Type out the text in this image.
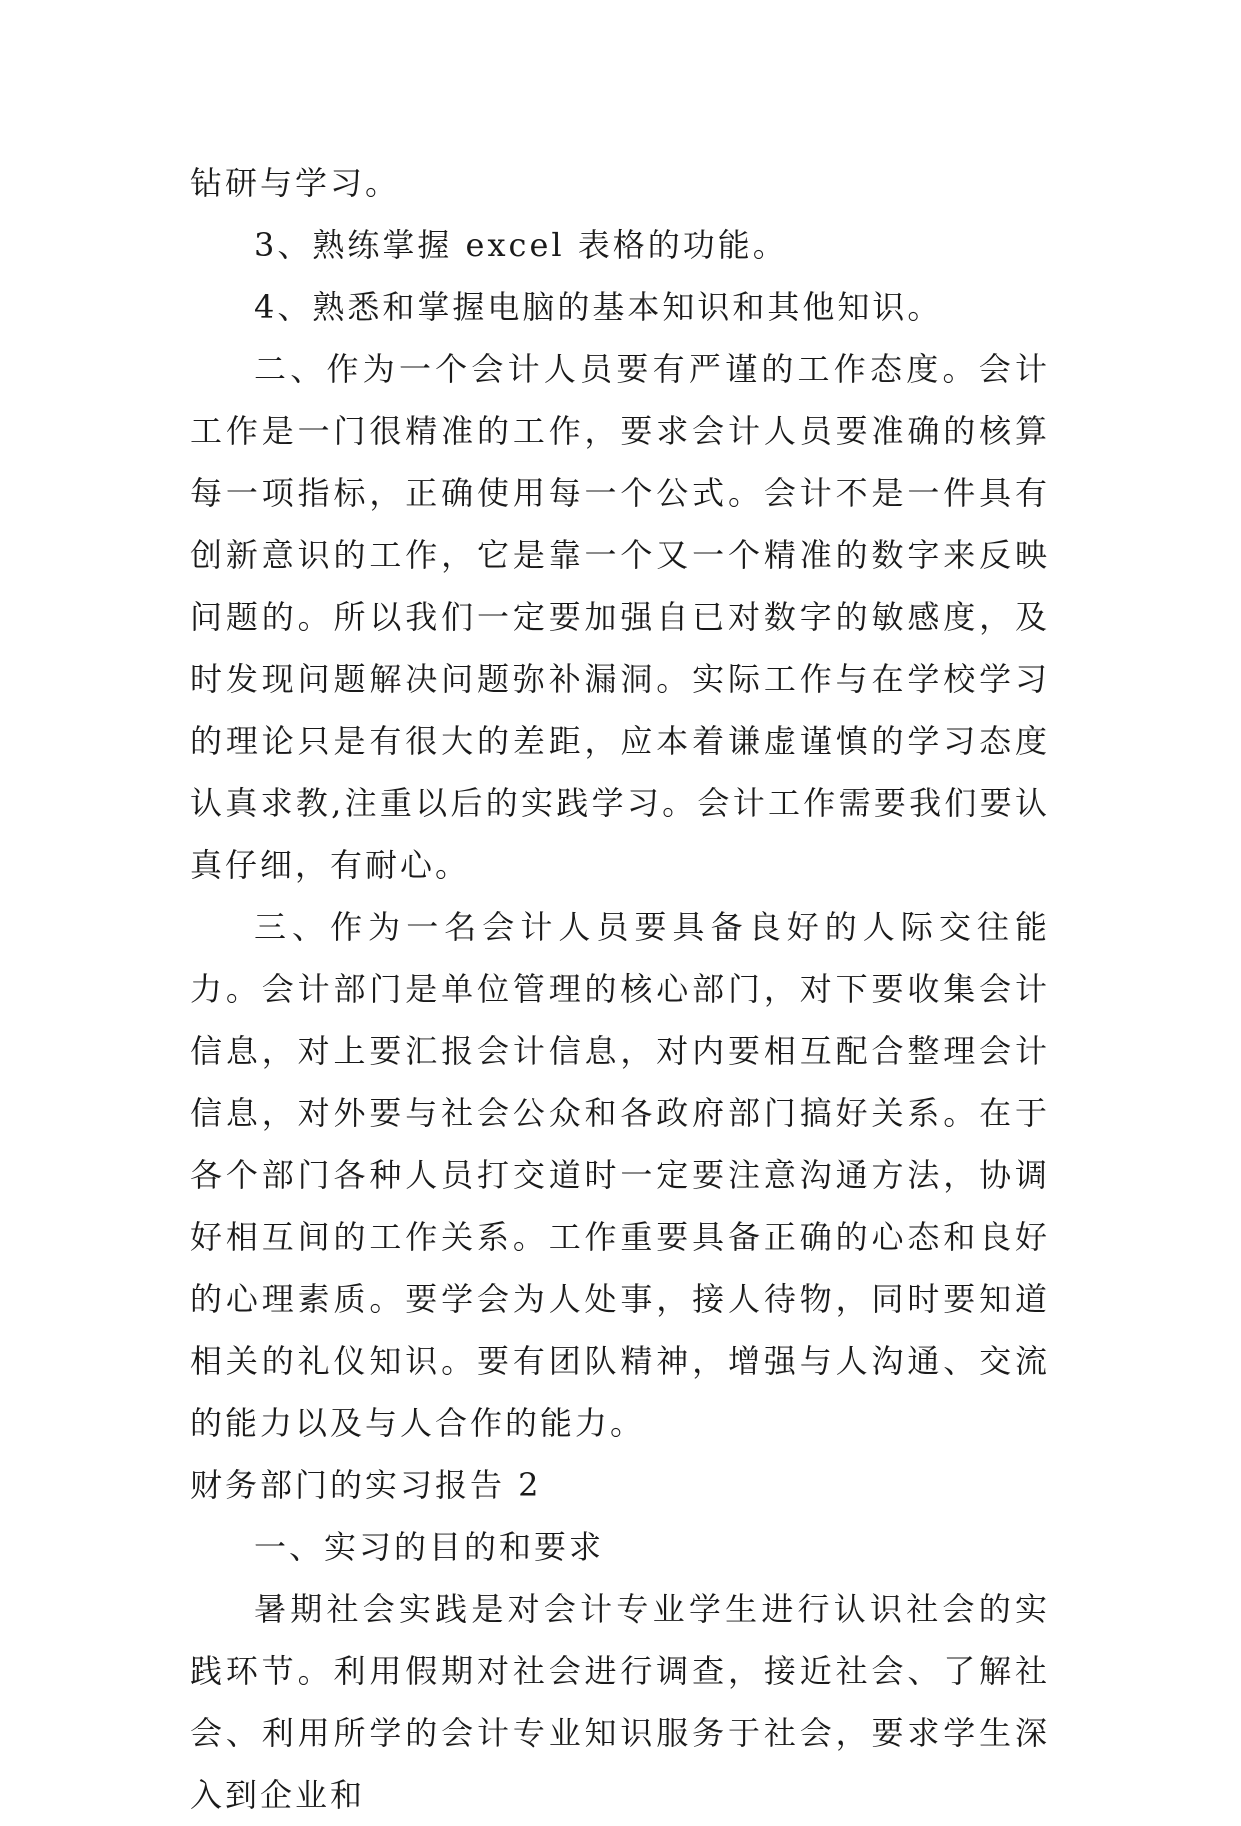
钻研与学习。

3、熟练掌握 excel 表格的功能。

4、熟悉和掌握电脑的基本知识和其他知识。

二、作为一个会计人员要有严谨的工作态度。会计工作是一门很精准的工作，要求会计人员要准确的核算每一项指标，正确使用每一个公式。会计不是一件具有创新意识的工作，它是靠一个又一个精准的数字来反映问题的。所以我们一定要加强自已对数字的敏感度，及时发现问题解决问题弥补漏洞。实际工作与在学校学习的理论只是有很大的差距，应本着谦虚谨慎的学习态度认真求教,注重以后的实践学习。会计工作需要我们要认真仔细，有耐心。

三、作为一名会计人员要具备良好的人际交往能力。会计部门是单位管理的核心部门，对下要收集会计信息，对上要汇报会计信息，对内要相互配合整理会计信息，对外要与社会公众和各政府部门搞好关系。在于各个部门各种人员打交道时一定要注意沟通方法，协调好相互间的工作关系。工作重要具备正确的心态和良好的心理素质。要学会为人处事，接人待物，同时要知道相关的礼仪知识。要有团队精神，增强与人沟通、交流的能力以及与人合作的能力。

财务部门的实习报告 2

一、实习的目的和要求

暑期社会实践是对会计专业学生进行认识社会的实践环节。利用假期对社会进行调查，接近社会、了解社会、利用所学的会计专业知识服务于社会，要求学生深入到企业和
